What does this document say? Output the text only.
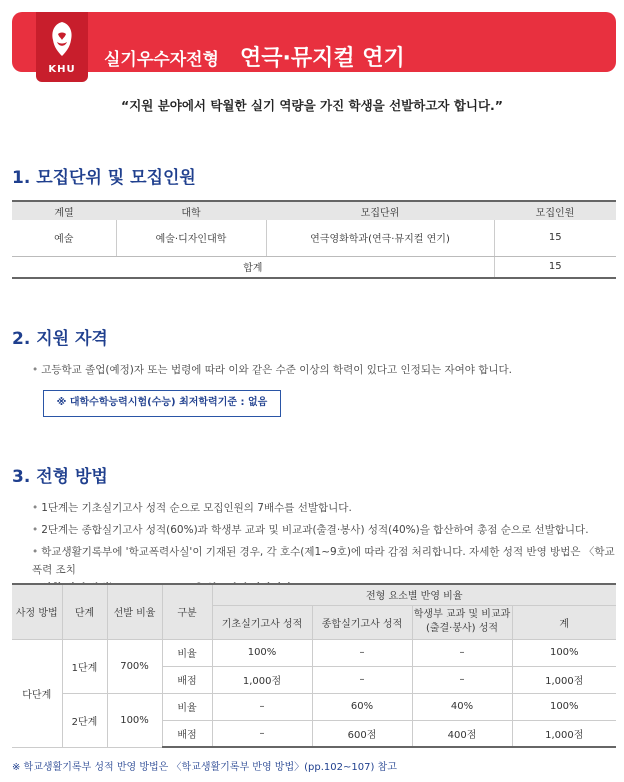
KHU	실기우수자전형 연극·뮤지컬 연기
“지원 분야에서 탁월한 실기 역량을 가진 학생을 선발하고자 합니다.”
1. 모집단위 및 모집인원
계열	대학	모집단위	모집인원
예술	예술·디자인대학	연극영화학과(연극·뮤지컬 연기)	15
합계			15
2. 지원 자격
• 고등학교 졸업(예정)자 또는 법령에 따라 이와 같은 수준 이상의 학력이 있다고 인정되는 자여야 합니다.
※ 대학수학능력시험(수능) 최저학력기준 : 없음
3. 전형 방법
• 1단계는 기초실기고사 성적 순으로 모집인원의 7배수를 선발합니다.
• 2단계는 종합실기고사 성적(60%)과 학생부 교과 및 비교과(출결·봉사) 성적(40%)을 합산하여 총점 순으로 선발합니다.
• 학교생활기록부에 '학교폭력사실'이 기재된 경우, 각 호수(제1~9호)에 따라 감점 처리합니다. 자세한 성적 반영 방법은 〈학교폭력 조치

사정 방법	단계	선발 비율	구분	전형 요소별 반영 비율			
				기초실기고사 성적	종합실기고사 성적	학생부 교과 및 비교과
(출결·봉사) 성적	계
다단계	1단계	700%	비율	100%	–	–	100%
			배점	1,000점	–	–	1,000점
	2단계	100%	비율	–	60%	40%	100%
			배점	–	600점	400점	1,000점
※ 학교생활기록부 성적 반영 방법은 〈학교생활기록부 반영 방법〉(pp.102~107) 참고
